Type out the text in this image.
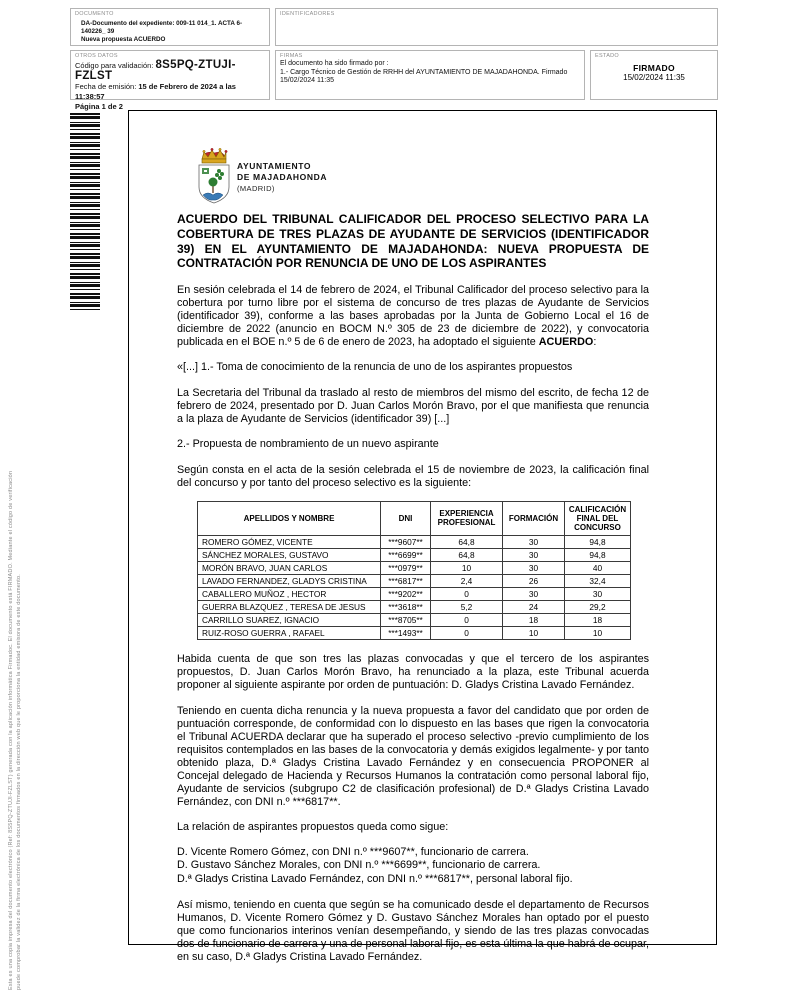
Esta es una copia impresa del documento electrónico (Ref: 8S5PQ-ZTUJI-FZLST) generada con la aplicación informática Firmadoc. El documento está FIRMADO. Mediante el código de verificación puede comprobar la validez de la firma electrónica de los documentos firmados en la dirección web que le proporciona la entidad emisora de este documento.
DOCUMENTO
DA-Documento del expediente: 009-11 014_1. ACTA 6-140226_ 39
Nueva propuesta ACUERDO
IDENTIFICADORES
OTROS DATOS
Código para validación: 8S5PQ-ZTUJI-FZLST
Fecha de emisión: 15 de Febrero de 2024 a las 11:38:57
Página 1 de 2
FIRMAS
El documento ha sido firmado por :
1.- Cargo Técnico de Gestión de RRHH del AYUNTAMIENTO DE MAJADAHONDA. Firmado 15/02/2024 11:35
ESTADO
FIRMADO
15/02/2024 11:35
AYUNTAMIENTO
DE MAJADAHONDA
(MADRID)
ACUERDO DEL TRIBUNAL CALIFICADOR DEL PROCESO SELECTIVO PARA LA COBERTURA DE TRES PLAZAS DE AYUDANTE DE SERVICIOS (IDENTIFICADOR 39) EN EL AYUNTAMIENTO DE MAJADAHONDA: NUEVA PROPUESTA DE CONTRATACIÓN POR RENUNCIA DE UNO DE LOS ASPIRANTES

En sesión celebrada el 14 de febrero de 2024, el Tribunal Calificador del proceso selectivo para la cobertura por turno libre por el sistema de concurso de tres plazas de Ayudante de Servicios (identificador 39), conforme a las bases aprobadas por la Junta de Gobierno Local el 16 de diciembre de 2022 (anuncio en BOCM N.º 305 de 23 de diciembre de 2022), y convocatoria publicada en el BOE n.º 5 de 6 de enero de 2023, ha adoptado el siguiente ACUERDO:

«[...] 1.- Toma de conocimiento de la renuncia de uno de los aspirantes propuestos

La Secretaria del Tribunal da traslado al resto de miembros del mismo del escrito, de fecha 12 de febrero de 2024, presentado por D. Juan Carlos Morón Bravo, por el que manifiesta que renuncia a la plaza de Ayudante de Servicios (identificador 39) [...]

2.- Propuesta de nombramiento de un nuevo aspirante

Según consta en el acta de la sesión celebrada el 15 de noviembre de 2023, la calificación final del concurso y por tanto del proceso selectivo es la siguiente:

APELLIDOS Y NOMBRE	DNI	EXPERIENCIA PROFESIONAL	FORMACIÓN	CALIFICACIÓN FINAL DEL CONCURSO
ROMERO GÓMEZ, VICENTE	***9607**	64,8	30	94,8
SÁNCHEZ MORALES, GUSTAVO	***6699**	64,8	30	94,8
MORÓN BRAVO, JUAN CARLOS	***0979**	10	30	40
LAVADO FERNANDEZ, GLADYS CRISTINA	***6817**	2,4	26	32,4
CABALLERO MUÑOZ , HECTOR	***9202**	0	30	30
GUERRA BLAZQUEZ , TERESA DE JESUS	***3618**	5,2	24	29,2
CARRILLO SUAREZ, IGNACIO	***8705**	0	18	18
RUIZ-ROSO GUERRA , RAFAEL	***1493**	0	10	10

Habida cuenta de que son tres las plazas convocadas y que el tercero de los aspirantes propuestos, D. Juan Carlos Morón Bravo, ha renunciado a la plaza, este Tribunal acuerda proponer al siguiente aspirante por orden de puntuación: D. Gladys Cristina Lavado Fernández.

Teniendo en cuenta dicha renuncia y la nueva propuesta a favor del candidato que por orden de puntuación corresponde, de conformidad con lo dispuesto en las bases que rigen la convocatoria el Tribunal ACUERDA declarar que ha superado el proceso selectivo -previo cumplimiento de los requisitos contemplados en las bases de la convocatoria y demás exigidos legalmente- y por tanto obtenido plaza, D.ª Gladys Cristina Lavado Fernández y en consecuencia PROPONER al Concejal delegado de Hacienda y Recursos Humanos la contratación como personal laboral fijo, Ayudante de servicios (subgrupo C2 de clasificación profesional) de D.ª Gladys Cristina Lavado Fernández, con DNI n.º ***6817**.

La relación de aspirantes propuestos queda como sigue:

D. Vicente Romero Gómez, con DNI n.º ***9607**, funcionario de carrera.
D. Gustavo Sánchez Morales, con DNI n.º ***6699**, funcionario de carrera.
D.ª Gladys Cristina Lavado Fernández, con DNI n.º ***6817**, personal laboral fijo.

Así mismo, teniendo en cuenta que según se ha comunicado desde el departamento de Recursos Humanos, D. Vicente Romero Gómez y D. Gustavo Sánchez Morales han optado por el puesto que como funcionarios interinos venían desempeñando, y siendo de las tres plazas convocadas dos de funcionario de carrera y una de personal laboral fijo, es esta última la que habrá de ocupar, en su caso, D.ª Gladys Cristina Lavado Fernández.
